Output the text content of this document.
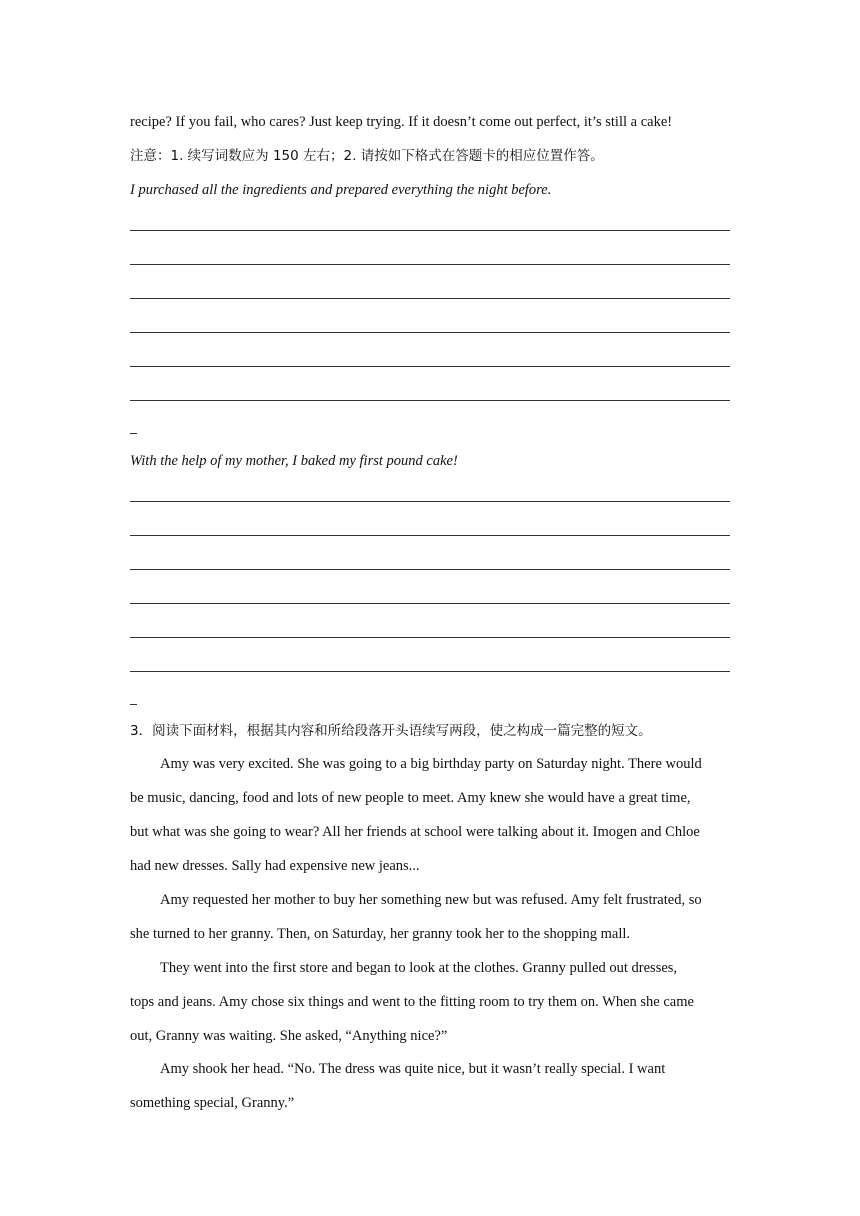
recipe? If you fail, who cares? Just keep trying. If it doesn’t come out perfect, it’s still a cake!
注意：1. 续写词数应为 150 左右；2. 请按如下格式在答题卡的相应位置作答。
I purchased all the ingredients and prepared everything the night before.
With the help of my mother, I baked my first pound cake!
3．阅读下面材料，根据其内容和所给段落开头语续写两段，使之构成一篇完整的短文。
Amy was very excited. She was going to a big birthday party on Saturday night. There would
be music, dancing, food and lots of new people to meet. Amy knew she would have a great time,
but what was she going to wear? All her friends at school were talking about it. Imogen and Chloe
had new dresses. Sally had expensive new jeans...
Amy requested her mother to buy her something new but was refused. Amy felt frustrated, so
she turned to her granny. Then, on Saturday, her granny took her to the shopping mall.
They went into the first store and began to look at the clothes. Granny pulled out dresses,
tops and jeans. Amy chose six things and went to the fitting room to try them on. When she came
out, Granny was waiting. She asked, “Anything nice?”
Amy shook her head. “No. The dress was quite nice, but it wasn’t really special. I want
something special, Granny.”
